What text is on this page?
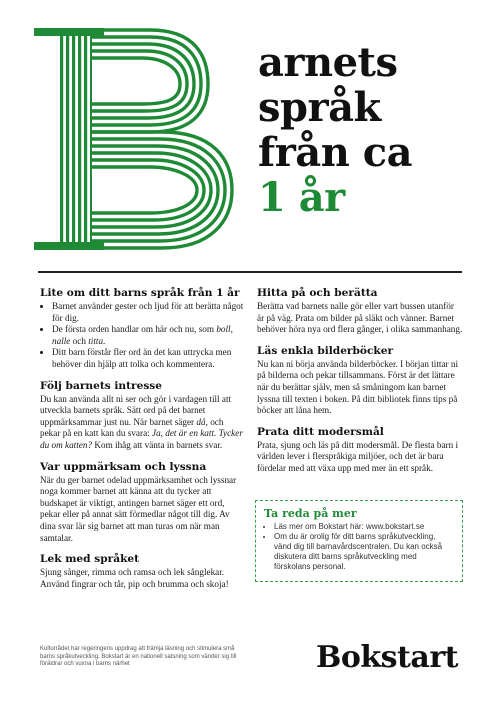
arnets
språk
från ca
1 år
Lite om ditt barns språk från 1 år
• Barnet använder gester och ljud för att berätta något för dig.
• De första orden handlar om här och nu, som boll, nalle och titta.
• Ditt barn förstår fler ord än det kan uttrycka men behöver din hjälp att tolka och kommentera.
Följ barnets intresse

Du kan använda allt ni ser och gör i vardagen till att utveckla barnets språk. Sätt ord på det barnet uppmärksammar just nu. När barnet säger då, och pekar på en katt kan du svara: Ja, det är en katt. Tycker du om katten? Kom ihåg att vänta in barnets svar.

Var uppmärksam och lyssna

När du ger barnet odelad uppmärksamhet och lyssnar noga kommer barnet att känna att du tycker att budskapet är viktigt, antingen barnet säger ett ord, pekar eller på annat sätt förmedlar något till dig. Av dina svar lär sig barnet att man turas om när man samtalar.

Lek med språket

Sjung sånger, rimma och ramsa och lek sånglekar. Använd fingrar och tår, pip och brumma och skoja!

Hitta på och berätta

Berätta vad barnets nalle gör eller vart bussen utanför är på väg. Prata om bilder på släkt och vänner. Barnet behöver höra nya ord flera gånger, i olika sammanhang.

Läs enkla bilderböcker

Nu kan ni börja använda bilderböcker. I början tittar ni på bilderna och pekar tillsammans. Först är det lättare när du berättar själv, men så småningom kan barnet lyssna till texten i boken. På ditt bibliotek finns tips på böcker att låna hem.

Prata ditt modersmål

Prata, sjung och läs på ditt modersmål. De flesta barn i världen lever i flerspråkiga miljöer, och det är bara fördelar med att växa upp med mer än ett språk.

Ta reda på mer
• Läs mer om Bokstart här: www.bokstart.se
• Om du är orolig för ditt barns språkutveckling, vänd dig till barnavårdscentralen. Du kan också diskutera ditt barns språkutveckling med förskolans personal.
Kulturrådet har regeringens uppdrag att främja läsning och stimulera små barns språkutveckling. Bokstart är en nationell satsning som vänder sig till föräldrar och vuxna i barns närhet	Bokstart
